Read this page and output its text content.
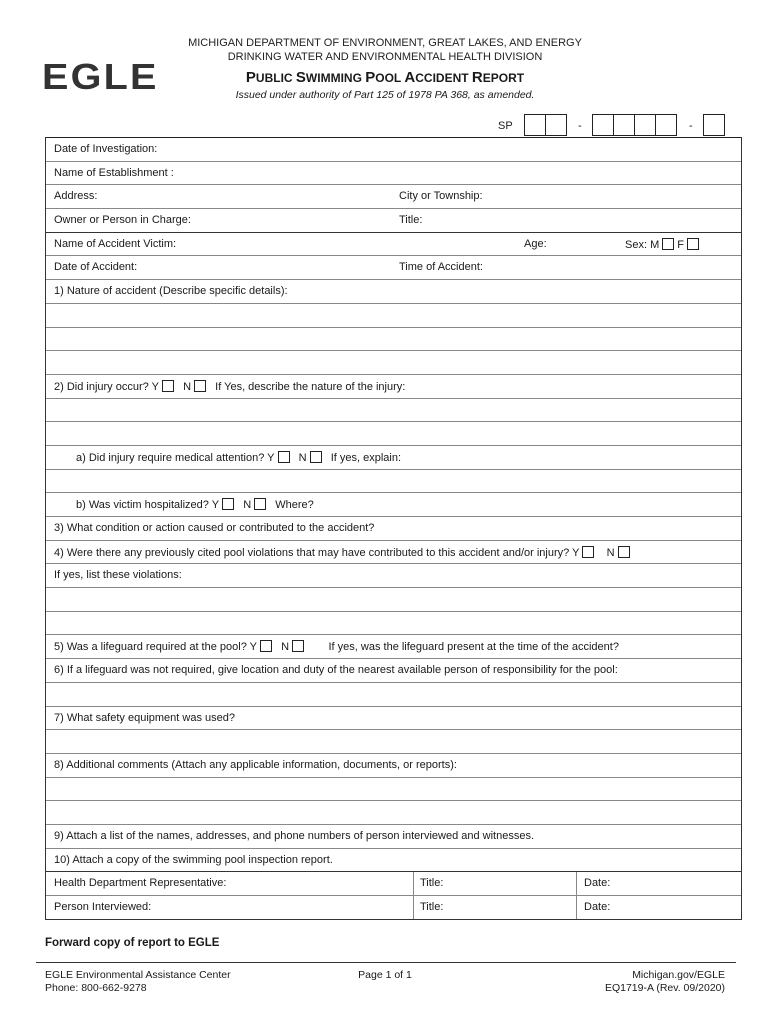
EGLE
MICHIGAN DEPARTMENT OF ENVIRONMENT, GREAT LAKES, AND ENERGY
DRINKING WATER AND ENVIRONMENTAL HEALTH DIVISION
PUBLIC SWIMMING POOL ACCIDENT REPORT
Issued under authority of Part 125 of 1978 PA 368, as amended.
SP	-	-
Date of Investigation:
Name of Establishment :
Address:	City or Township:
Owner or Person in Charge:	Title:
Name of Accident Victim:	Age:	Sex: M F
Date of Accident:	Time of Accident:
1) Nature of accident (Describe specific details):
2) Did injury occur? Y N If Yes, describe the nature of the injury:
a) Did injury require medical attention? Y N If yes, explain:
b) Was victim hospitalized? Y N Where?
3) What condition or action caused or contributed to the accident?
4) Were there any previously cited pool violations that may have contributed to this accident and/or injury? Y N
If yes, list these violations:
5) Was a lifeguard required at the pool? Y N	If yes, was the lifeguard present at the time of the accident?
6) If a lifeguard was not required, give location and duty of the nearest available person of responsibility for the pool:
7) What safety equipment was used?
8) Additional comments (Attach any applicable information, documents, or reports):
9) Attach a list of the names, addresses, and phone numbers of person interviewed and witnesses.
10) Attach a copy of the swimming pool inspection report.
Health Department Representative:	Title:	Date:
Person Interviewed:	Title:	Date:
Forward copy of report to EGLE
EGLE Environmental Assistance Center
Phone: 800-662-9278
Page 1 of 1	Michigan.gov/EGLE
EQ1719-A (Rev. 09/2020)
